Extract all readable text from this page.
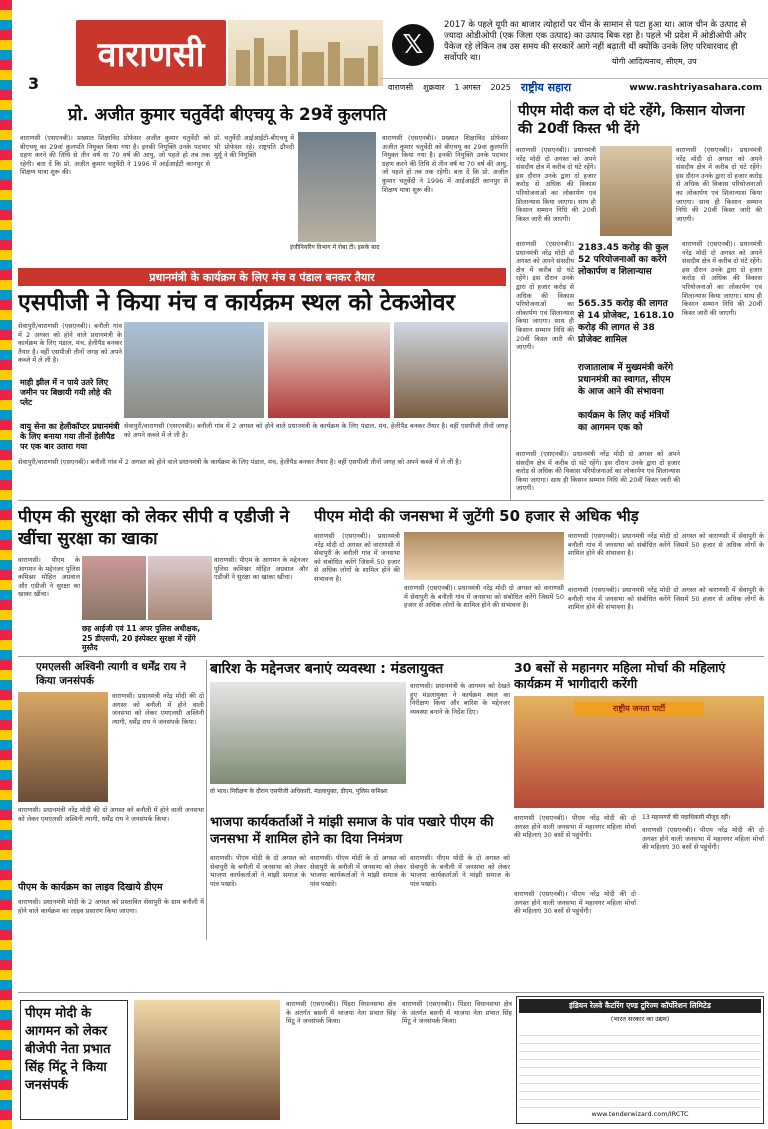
3
वाराणसी	𝕏
2017 के पहले यूपी का बाजार त्योहारों पर चीन के सामान से पटा हुआ था। आज चीन के उत्पाद से ज्यादा ओडीओपी (एक जिला एक उत्पाद) का उत्पाद बिक रहा है। पहले भी प्रदेश में ओडीओपी और पैकेज रहे लेकिन तब उस समय की सरकारें आगे नहीं बढ़ाती थीं क्योंकि उनके लिए परिवारवाद ही सर्वोपरि था।	योगी आदित्यनाथ, सीएम, उप
वाराणसी शुक्रवार 1 अगस्त 2025 राष्ट्रीय सहारा	www.rashtriyasahara.com
प्रो. अजीत कुमार चतुर्वेदी बीएचयू के 29वें कुलपति
वाराणसी (एसएनबी)। प्रख्यात शिक्षाविद प्रोफेसर अजीत कुमार चतुर्वेदी को बीएचयू का 29वां कुलपति नियुक्त किया गया है। इनकी नियुक्ति उनके पदभार ग्रहण करने की तिथि से तीन वर्ष या 70 वर्ष की आयु, जो पहले हो तब तक रहेगी। बता दें कि प्रो. अजीत कुमार चतुर्वेदी ने 1996 में आईआईटी कानपुर से शिक्षण यात्रा शुरू की।
प्रो. चतुर्वेदी आईआईटी-बीएचयू में भी प्रोफेसर रहे। राष्ट्रपति द्रौपदी मुर्मू ने की नियुक्ति
इंजीनियरिंग विभाग में रोबा टी। इसके बाद
वाराणसी (एसएनबी)। प्रख्यात शिक्षाविद प्रोफेसर अजीत कुमार चतुर्वेदी को बीएचयू का 29वां कुलपति नियुक्त किया गया है। इनकी नियुक्ति उनके पदभार ग्रहण करने की तिथि से तीन वर्ष या 70 वर्ष की आयु, जो पहले हो तब तक रहेगी। बता दें कि प्रो. अजीत कुमार चतुर्वेदी ने 1996 में आईआईटी कानपुर से शिक्षण यात्रा शुरू की।
पीएम मोदी कल दो घंटे रहेंगे, किसान योजना की 20वीं किस्त भी देंगे
वाराणसी (एसएनबी)। प्रधानमंत्री नरेंद्र मोदी दो अगस्त को अपने संसदीय क्षेत्र में करीब दो घंटे रहेंगे। इस दौरान उनके द्वारा दो हजार करोड़ से अधिक की विकास परियोजनाओं का लोकार्पण एवं शिलान्यास किया जाएगा। साथ ही किसान सम्मान निधि की 20वीं किस्त जारी की जाएगी।
वाराणसी (एसएनबी)। प्रधानमंत्री नरेंद्र मोदी दो अगस्त को अपने संसदीय क्षेत्र में करीब दो घंटे रहेंगे। इस दौरान उनके द्वारा दो हजार करोड़ से अधिक की विकास परियोजनाओं का लोकार्पण एवं शिलान्यास किया जाएगा। साथ ही किसान सम्मान निधि की 20वीं किस्त जारी की जाएगी।
2183.45 करोड़ की कुल 52 परियोजनाओं का करेंगे लोकार्पण व शिलान्यास
वाराणसी (एसएनबी)। प्रधानमंत्री नरेंद्र मोदी दो अगस्त को अपने संसदीय क्षेत्र में करीब दो घंटे रहेंगे। इस दौरान उनके द्वारा दो हजार करोड़ से अधिक की विकास परियोजनाओं का लोकार्पण एवं शिलान्यास किया जाएगा। साथ ही किसान सम्मान निधि की 20वीं किस्त जारी की जाएगी।
565.35 करोड़ की लागत से 14 प्रोजेक्ट, 1618.10 करोड़ की लागत से 38 प्रोजेक्ट शामिल
राजातालाब में मुख्यमंत्री करेंगे प्रधानमंत्री का स्वागत, सीएम के आज आने की संभावना
कार्यक्रम के लिए कई मंत्रियों का आगमन एक को
वाराणसी (एसएनबी)। प्रधानमंत्री नरेंद्र मोदी दो अगस्त को अपने संसदीय क्षेत्र में करीब दो घंटे रहेंगे। इस दौरान उनके द्वारा दो हजार करोड़ से अधिक की विकास परियोजनाओं का लोकार्पण एवं शिलान्यास किया जाएगा। साथ ही किसान सम्मान निधि की 20वीं किस्त जारी की जाएगी।
वाराणसी (एसएनबी)। प्रधानमंत्री नरेंद्र मोदी दो अगस्त को अपने संसदीय क्षेत्र में करीब दो घंटे रहेंगे। इस दौरान उनके द्वारा दो हजार करोड़ से अधिक की विकास परियोजनाओं का लोकार्पण एवं शिलान्यास किया जाएगा। साथ ही किसान सम्मान निधि की 20वीं किस्त जारी की जाएगी।
प्रधानमंत्री के कार्यक्रम के लिए मंच व पंडाल बनकर तैयार
एसपीजी ने किया मंच व कार्यक्रम स्थल को टेकओवर
सेवापुरी/वाराणसी (एसएनबी)। बनौली गांव में 2 अगस्त को होने वाले प्रधानमंत्री के कार्यक्रम के लिए पंडाल, मंच, हेलीपैड बनकर तैयार है। वहीं एसपीजी तीनों जगह को अपने कब्जे में ले ली है।
माही झील में न पाये उतरे लिए जमीन पर बिछायी गयी लोहे की प्लेट
वायु सेना का हेलीकॉप्टर प्रधानमंत्री के लिए बनाया गया तीनों हेलीपैड पर एक बार उतारा गया
सेवापुरी/वाराणसी (एसएनबी)। बनौली गांव में 2 अगस्त को होने वाले प्रधानमंत्री के कार्यक्रम के लिए पंडाल, मंच, हेलीपैड बनकर तैयार है। वहीं एसपीजी तीनों जगह को अपने कब्जे में ले ली है।
सेवापुरी/वाराणसी (एसएनबी)। बनौली गांव में 2 अगस्त को होने वाले प्रधानमंत्री के कार्यक्रम के लिए पंडाल, मंच, हेलीपैड बनकर तैयार है। वहीं एसपीजी तीनों जगह को अपने कब्जे में ले ली है।
पीएम की सुरक्षा को लेकर सीपी व एडीजी ने खींचा सुरक्षा का खाका
वाराणसी। पीएम के आगमन के मद्देनजर पुलिस कमिश्नर मोहित अग्रवाल और एडीजी ने सुरक्षा का खाका खींचा।
वाराणसी। पीएम के आगमन के मद्देनजर पुलिस कमिश्नर मोहित अग्रवाल और एडीजी ने सुरक्षा का खाका खींचा।
छह आईजी एवं 11 अपर पुलिस अधीक्षक, 25 डीएसपी, 20 इंस्पेक्टर सुरक्षा में रहेंगे मुस्तैद
पीएम मोदी की जनसभा में जुटेंगी 50 हजार से अधिक भीड़
वाराणसी (एसएनबी)। प्रधानमंत्री नरेंद्र मोदी दो अगस्त को वाराणसी में सेवापुरी के बनौली गांव में जनसभा को संबोधित करेंगे जिसमें 50 हजार से अधिक लोगों के शामिल होने की संभावना है।
वाराणसी (एसएनबी)। प्रधानमंत्री नरेंद्र मोदी दो अगस्त को वाराणसी में सेवापुरी के बनौली गांव में जनसभा को संबोधित करेंगे जिसमें 50 हजार से अधिक लोगों के शामिल होने की संभावना है।
वाराणसी (एसएनबी)। प्रधानमंत्री नरेंद्र मोदी दो अगस्त को वाराणसी में सेवापुरी के बनौली गांव में जनसभा को संबोधित करेंगे जिसमें 50 हजार से अधिक लोगों के शामिल होने की संभावना है।
वाराणसी (एसएनबी)। प्रधानमंत्री नरेंद्र मोदी दो अगस्त को वाराणसी में सेवापुरी के बनौली गांव में जनसभा को संबोधित करेंगे जिसमें 50 हजार से अधिक लोगों के शामिल होने की संभावना है।
एमएलसी अश्विनी त्यागी व धर्मेंद्र राय ने किया जनसंपर्क
वाराणसी। प्रधानमंत्री नरेंद्र मोदी की दो अगस्त को बनौली में होने वाली जनसभा को लेकर एमएलसी अश्विनी त्यागी, धर्मेंद्र राय ने जनसंपर्क किया।
वाराणसी। प्रधानमंत्री नरेंद्र मोदी की दो अगस्त को बनौली में होने वाली जनसभा को लेकर एमएलसी अश्विनी त्यागी, धर्मेंद्र राय ने जनसंपर्क किया।
पीएम के कार्यक्रम का लाइव दिखाये डीएम
वाराणसी। प्रधानमंत्री मोदी के 2 अगस्त को प्रस्तावित सेवापुरी के ग्राम बनौली में होने वाले कार्यक्रम का लाइव प्रसारण किया जाएगा।
बारिश के मद्देनजर बनाएं व्यवस्था : मंडलायुक्त
वाराणसी। प्रधानमंत्री के आगमन को देखते हुए मंडलायुक्त ने कार्यक्रम स्थल का निरीक्षण किया और बारिश के मद्देनजर व्यवस्था बनाने के निर्देश दिए।
वो भाव। निरीक्षण के दौरान एसपीजी अधिकारी, मंडलायुक्त, डीएम, पुलिस कमिश्नर
भाजपा कार्यकर्ताओं ने मांझी समाज के पांव पखारे पीएम की जनसभा में शामिल होने का दिया निमंत्रण
वाराणसी। पीएम मोदी के दो अगस्त को सेवापुरी के बनौली में जनसभा को लेकर भाजपा कार्यकर्ताओं ने मांझी समाज के पांव पखारे।
वाराणसी। पीएम मोदी के दो अगस्त को सेवापुरी के बनौली में जनसभा को लेकर भाजपा कार्यकर्ताओं ने मांझी समाज के पांव पखारे।
वाराणसी। पीएम मोदी के दो अगस्त को सेवापुरी के बनौली में जनसभा को लेकर भाजपा कार्यकर्ताओं ने मांझी समाज के पांव पखारे।
30 बसों से महानगर महिला मोर्चा की महिलाएं कार्यक्रम में भागीदारी करेंगी
राष्ट्रीय जनता पार्टी
वाराणसी (एसएनबी)। पीएम नरेंद्र मोदी की दो अगस्त होने वाली जनसभा में महानगर महिला मोर्चा की महिलाएं 30 बसों से पहुंचेंगी।
13 महानगरों की पदाधिकारी मौजूद रहीं।
वाराणसी (एसएनबी)। पीएम नरेंद्र मोदी की दो अगस्त होने वाली जनसभा में महानगर महिला मोर्चा की महिलाएं 30 बसों से पहुंचेंगी।
वाराणसी (एसएनबी)। पीएम नरेंद्र मोदी की दो अगस्त होने वाली जनसभा में महानगर महिला मोर्चा की महिलाएं 30 बसों से पहुंचेंगी।
पीएम मोदी के आगमन को लेकर बीजेपी नेता प्रभात सिंह मिंटू ने किया जनसंपर्क
वाराणसी (एसएनबी)। पिंडरा विधानसभा क्षेत्र के अंतर्गत बसनी में भाजपा नेता प्रभात सिंह मिंटू ने जनसंपर्क किया।
वाराणसी (एसएनबी)। पिंडरा विधानसभा क्षेत्र के अंतर्गत बसनी में भाजपा नेता प्रभात सिंह मिंटू ने जनसंपर्क किया।
इंडियन रेलवे कैटरिंग एण्ड टूरिज्म कॉर्पोरेशन लिमिटेड
(भारत सरकार का उद्यम)
www.tenderwizard.com/IRCTC
